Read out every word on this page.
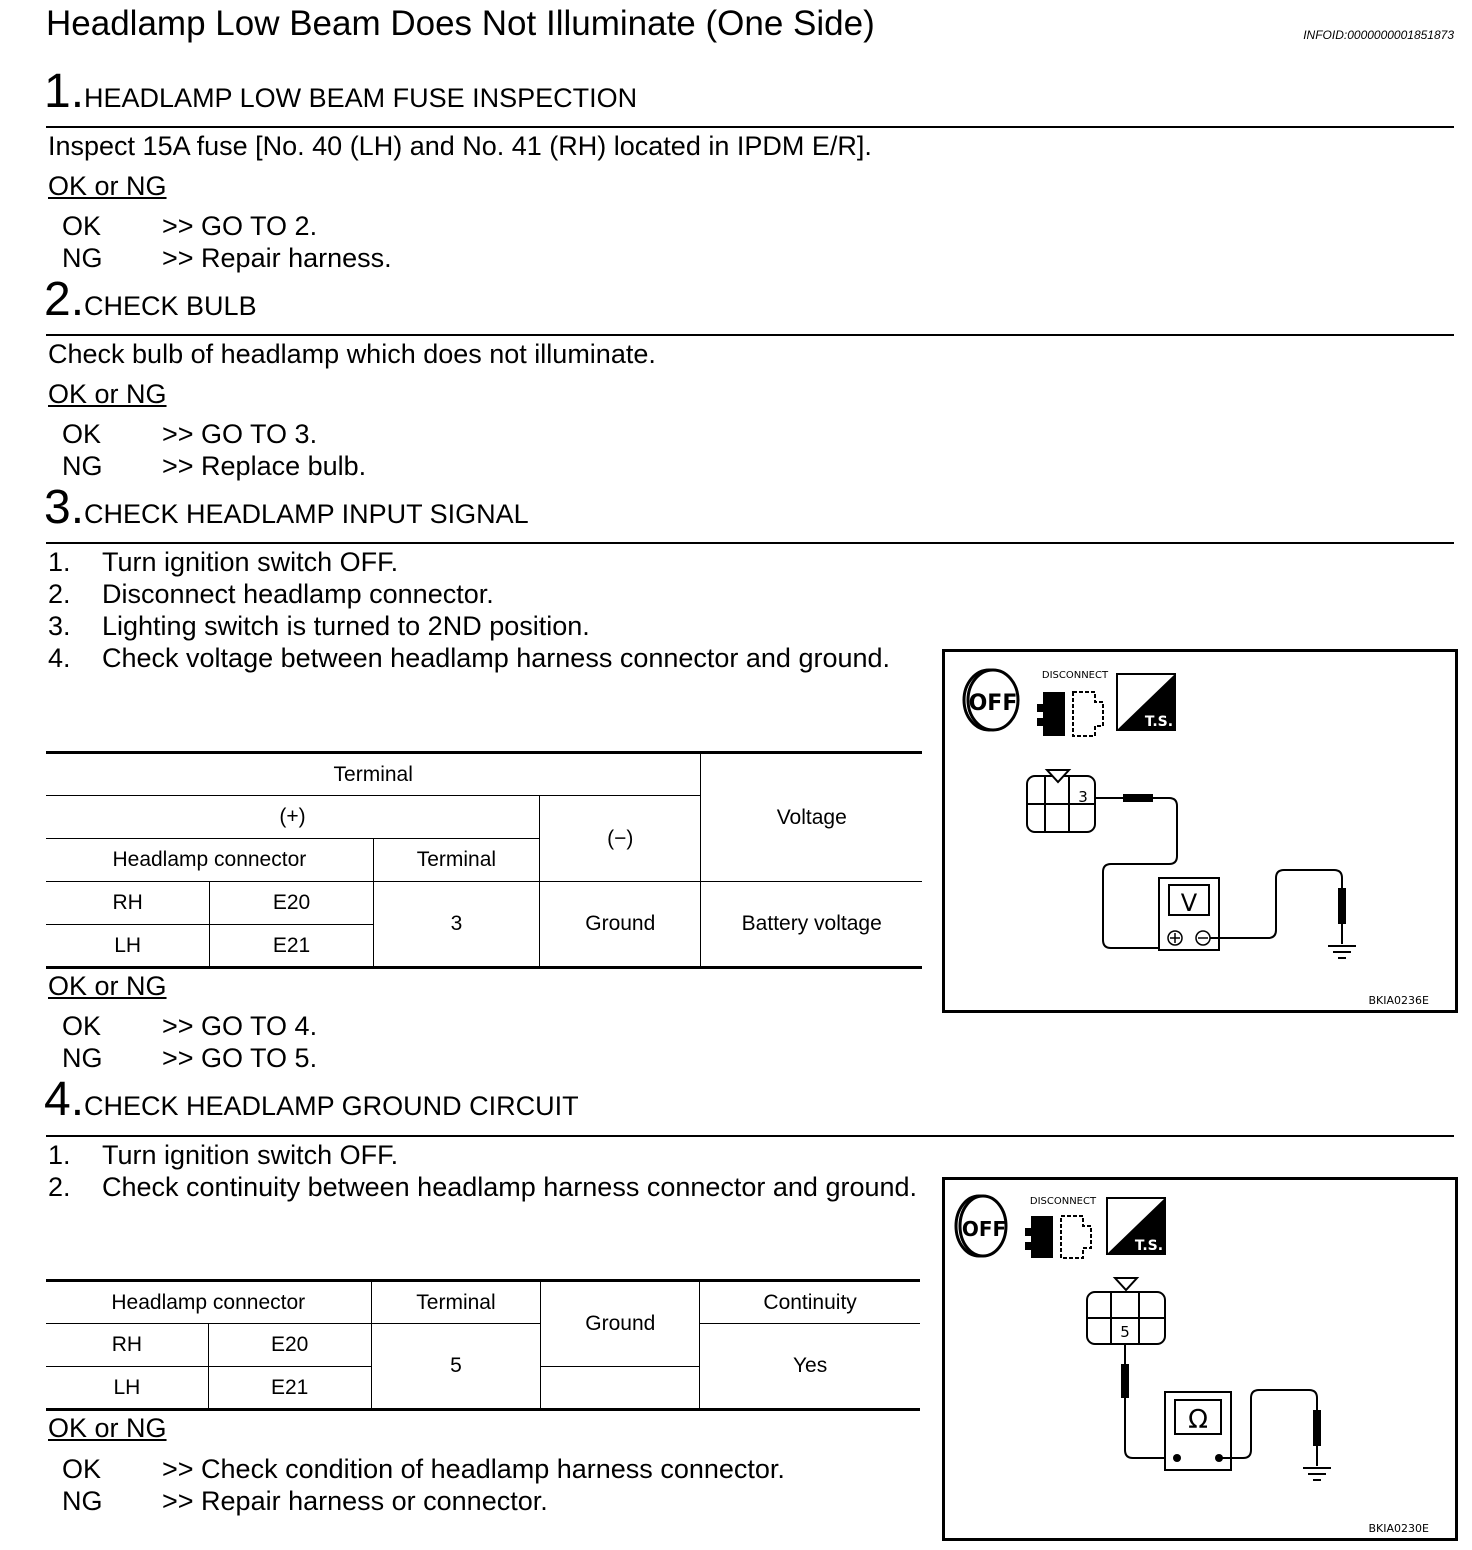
Headlamp Low Beam Does Not Illuminate (One Side)	INFOID:0000000001851873
1.HEADLAMP LOW BEAM FUSE INSPECTION
Inspect 15A fuse [No. 40 (LH) and No. 41 (RH) located in IPDM E/R].
OK or NG
OK >> GO TO 2.
NG >> Repair harness.
2.CHECK BULB
Check bulb of headlamp which does not illuminate.
OK or NG
OK >> GO TO 3.
NG >> Replace bulb.
3.CHECK HEADLAMP INPUT SIGNAL
1. Turn ignition switch OFF.
2. Disconnect headlamp connector.
3. Lighting switch is turned to 2ND position.
4. Check voltage between headlamp harness connector and ground.
Terminal				Voltage
(+)			(−)	
Headlamp connector		Terminal		
RH	E20	3	Ground	Battery voltage
LH	E21			
OK or NG
OK >> GO TO 4.
NG >> GO TO 5.
OFF
DISCONNECT
T.S.
3
V
BKIA0236E
4.CHECK HEADLAMP GROUND CIRCUIT
1. Turn ignition switch OFF.
2. Check continuity between headlamp harness connector and ground.
Headlamp connector		Terminal	Ground	Continuity
RH	E20	5		Yes
LH	E21			
OK or NG
OK >> Check condition of headlamp harness connector.
NG >> Repair harness or connector.
OFF
DISCONNECT
T.S.
5
Ω
BKIA0230E
